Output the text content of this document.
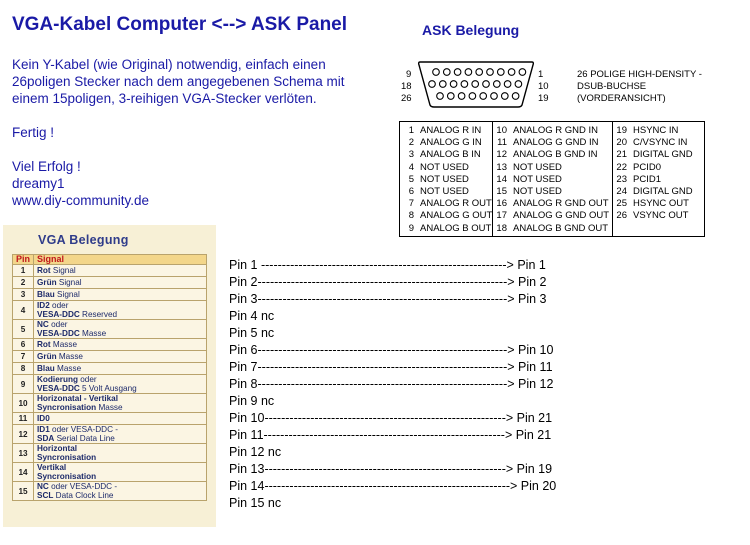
VGA-Kabel Computer <--> ASK Panel
Kein Y-Kabel (wie Original) notwendig, einfach einen
26poligen Stecker nach dem angegebenen Schema mit
einem 15poligen, 3-reihigen VGA-Stecker verlöten.
Fertig !
Viel Erfolg !
dreamy1
www.diy-community.de
ASK Belegung
9
18
26
1
10
19
26 POLIGE HIGH-DENSITY -
DSUB-BUCHSE
(VORDERANSICHT)
1 ANALOG R IN
2 ANALOG G IN
3 ANALOG B IN
4 NOT USED
5 NOT USED
6 NOT USED
7 ANALOG R OUT
8 ANALOG G OUT
9 ANALOG B OUT
10 ANALOG R GND IN
11 ANALOG G GND IN
12 ANALOG B GND IN
13 NOT USED
14 NOT USED
15 NOT USED
16 ANALOG R GND OUT
17 ANALOG G GND OUT
18 ANALOG B GND OUT
19 HSYNC IN
20 C/VSYNC IN
21 DIGITAL GND
22 PCID0
23 PCID1
24 DIGITAL GND
25 HSYNC OUT
26 VSYNC OUT
VGA Belegung
Pin	Signal
1	Rot Signal
2	Grün Signal
3	Blau Signal
4	ID2 oder
VESA-DDC Reserved
5	NC oder
VESA-DDC Masse
6	Rot Masse
7	Grün Masse
8	Blau Masse
9	Kodierung oder
VESA-DDC 5 Volt Ausgang
10	Horizonatal - Vertikal
Syncronisation Masse
11	ID0
12	ID1 oder VESA-DDC -
SDA Serial Data Line
13	Horizontal
Syncronisation
14	Vertikal
Syncronisation
15	NC oder VESA-DDC -
SCL Data Clock Line
Pin 1 -----------------------------------------------------------> Pin 1
Pin 2------------------------------------------------------------> Pin 2
Pin 3------------------------------------------------------------> Pin 3
Pin 4 nc
Pin 5 nc
Pin 6------------------------------------------------------------> Pin 10
Pin 7------------------------------------------------------------> Pin 11
Pin 8------------------------------------------------------------> Pin 12
Pin 9 nc
Pin 10----------------------------------------------------------> Pin 21
Pin 11----------------------------------------------------------> Pin 21
Pin 12 nc
Pin 13----------------------------------------------------------> Pin 19
Pin 14-----------------------------------------------------------> Pin 20
Pin 15 nc
